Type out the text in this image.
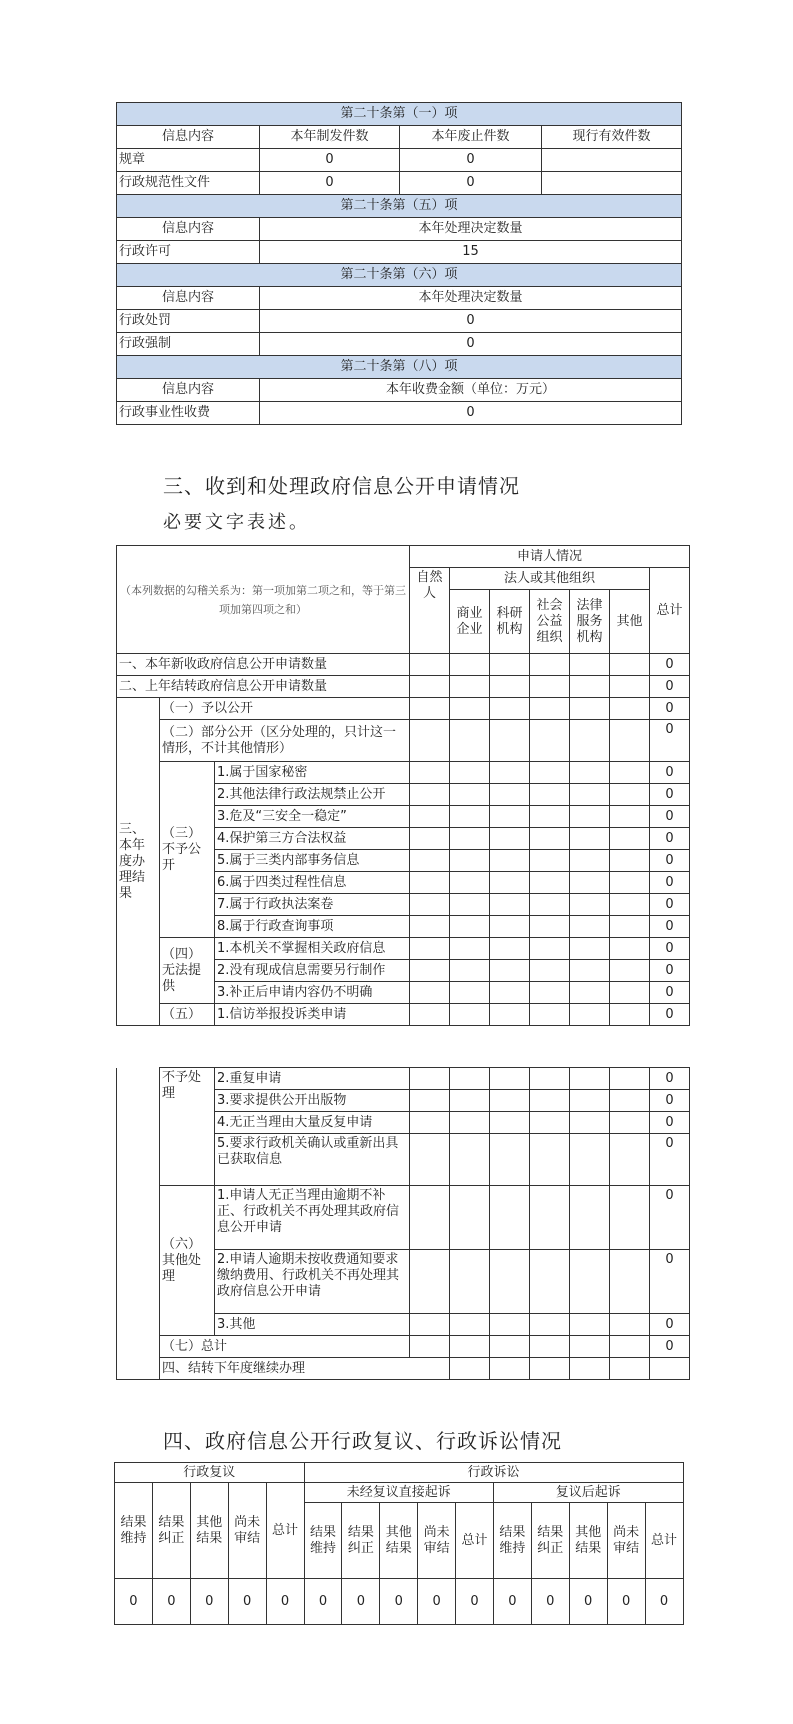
第二十条第（一）项			
信息内容	本年制发件数	本年废止件数	现行有效件数
规章	0	0	
行政规范性文件	0	0	
第二十条第（五）项			
信息内容	本年处理决定数量		
行政许可	15		
第二十条第（六）项			
信息内容	本年处理决定数量		
行政处罚	0		
行政强制	0		
第二十条第（八）项			
信息内容	本年收费金额（单位：万元）		
行政事业性收费	0		
三、收到和处理政府信息公开申请情况
必要文字表述。
（本列数据的勾稽关系为：第一项加第二项之和，等于第三项加第四项之和）			申请人情况						
			自然人	法人或其他组织					总计
				商业企业	科研机构	社会公益组织	法律服务机构	其他	
一、本年新收政府信息公开申请数量									0
二、上年结转政府信息公开申请数量									0
三、本年度办理结果	（一）予以公开								0
	（二）部分公开（区分处理的，只计这一情形，不计其他情形）								0
	（三）不予公开	1.属于国家秘密							0
		2.其他法律行政法规禁止公开							0
		3.危及“三安全一稳定”							0
		4.保护第三方合法权益							0
		5.属于三类内部事务信息							0
		6.属于四类过程性信息							0
		7.属于行政执法案卷							0
		8.属于行政查询事项							0
	（四）无法提供	1.本机关不掌握相关政府信息							0
		2.没有现成信息需要另行制作							0
		3.补正后申请内容仍不明确							0
	（五）	1.信访举报投诉类申请							0
	不予处理	2.重复申请							0	
		3.要求提供公开出版物							0	
		4.无正当理由大量反复申请							0	
		5.要求行政机关确认或重新出具已获取信息							0	
	（六）其他处理	1.申请人无正当理由逾期不补正、行政机关不再处理其政府信息公开申请							0	
		2.申请人逾期未按收费通知要求缴纳费用、行政机关不再处理其政府信息公开申请							0	
		3.其他							0	
	（七）总计								0	
	四、结转下年度继续办理							
四、政府信息公开行政复议、行政诉讼情况
行政复议					行政诉讼									
结果维持	结果纠正	其他结果	尚未审结	总计	未经复议直接起诉					复议后起诉				
					结果维持	结果纠正	其他结果	尚未审结	总计	结果维持	结果纠正	其他结果	尚未审结	总计
0	0	0	0	0	0	0	0	0	0	0	0	0	0	0
